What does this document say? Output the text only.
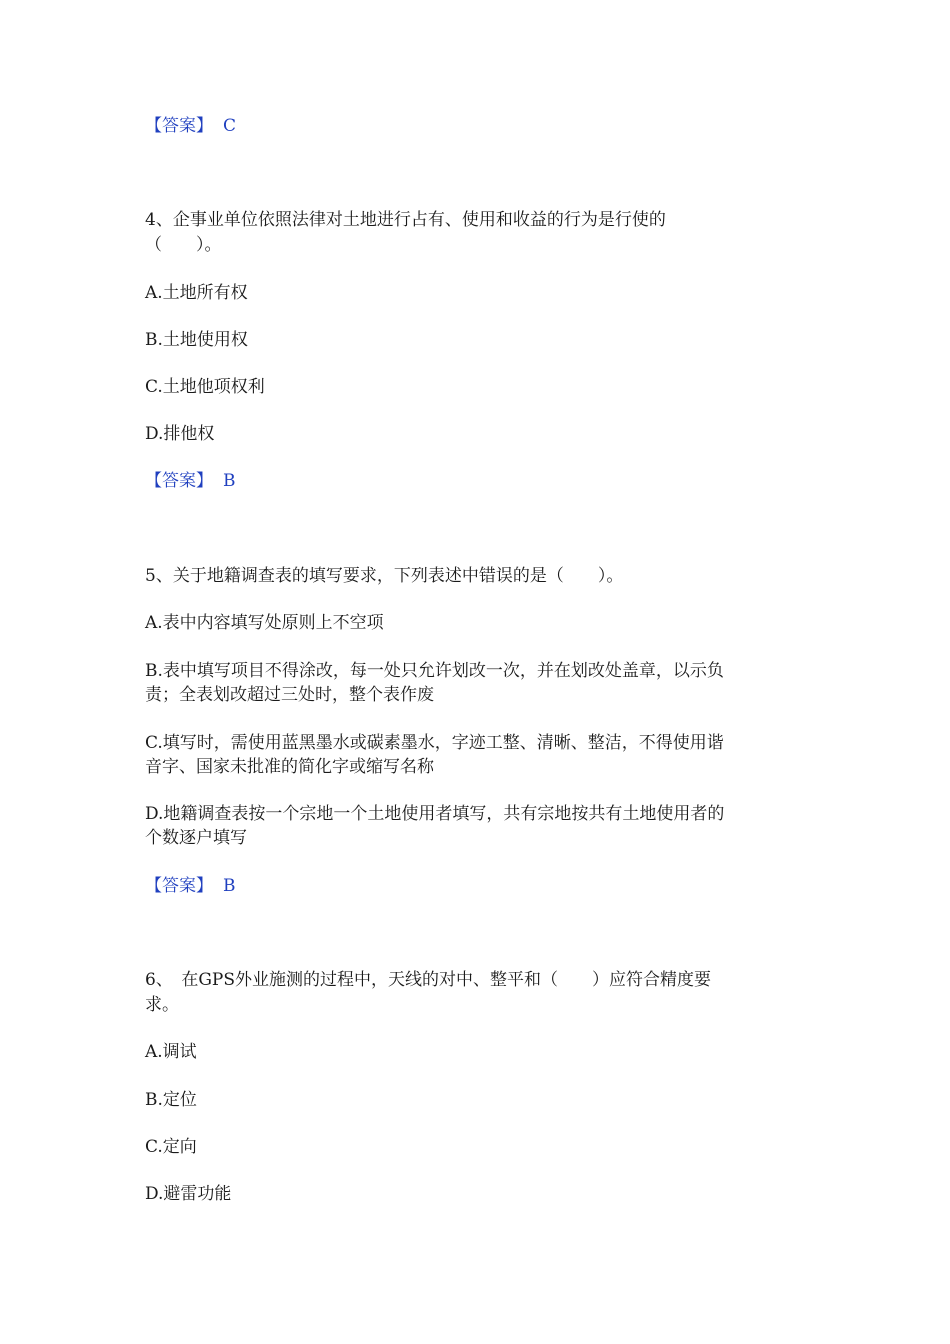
【答案】 C

4、企事业单位依照法律对土地进行占有、使用和收益的行为是行使的

（　　）。

A.土地所有权

B.土地使用权

C.土地他项权利

D.排他权

【答案】 B

5、关于地籍调查表的填写要求，下列表述中错误的是（　　）。

A.表中内容填写处原则上不空项

B.表中填写项目不得涂改，每一处只允许划改一次，并在划改处盖章，以示负

责；全表划改超过三处时，整个表作废

C.填写时，需使用蓝黑墨水或碳素墨水，字迹工整、清晰、整洁，不得使用谐

音字、国家未批准的简化字或缩写名称

D.地籍调查表按一个宗地一个土地使用者填写，共有宗地按共有土地使用者的

个数逐户填写

【答案】 B

6、　在GPS外业施测的过程中，天线的对中、整平和（　　）应符合精度要

求。

A.调试

B.定位

C.定向

D.避雷功能
